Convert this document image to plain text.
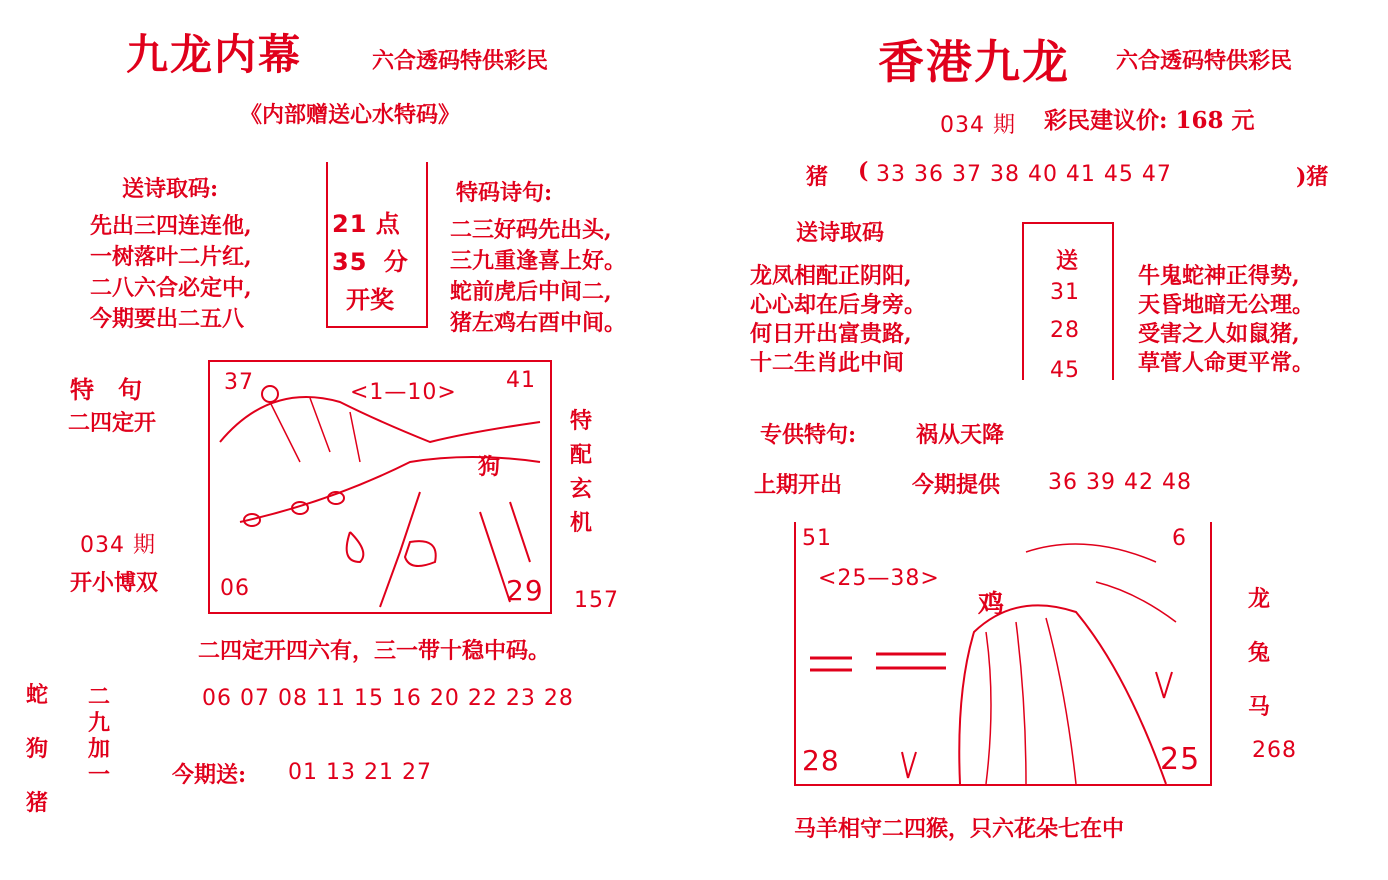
九龙内幕	六合透码特供彩民
《内部赠送心水特码》
送诗取码:
先出三四连连他,
一树落叶二片红,
二八六合必定中,
今期要出二五八
21 点
35 分
开奖
特码诗句:
二三好码先出头,
三九重逢喜上好。
蛇前虎后中间二,
猪左鸡右酉中间。
特　句
二四定开
034 期
开小博双
37	41
<1—10>
狗
06	29
特配玄机
157
二四定开四六有，三一带十稳中码。
蛇
狗
猪
二
九
加
一
06 07 08 11 15 16 20 22 23 28
今期送: 01 13 21 27
香港九龙 六合透码特供彩民
034 期 彩民建议价: 168 元
猪 ( 33 36 37 38 40 41 45 47	)猪
送诗取码
龙凤相配正阴阳,
心心却在后身旁。
何日开出富贵路,
十二生肖此中间
送
31
28
45
牛鬼蛇神正得势,
天昏地暗无公理。
受害之人如鼠猪,
草菅人命更平常。
专供特句:	祸从天降
上期开出	今期提供 36 39 42 48
51	6
<25—38>
鸡
28	25
龙
兔
马
268
马羊相守二四猴，只六花朵七在中
